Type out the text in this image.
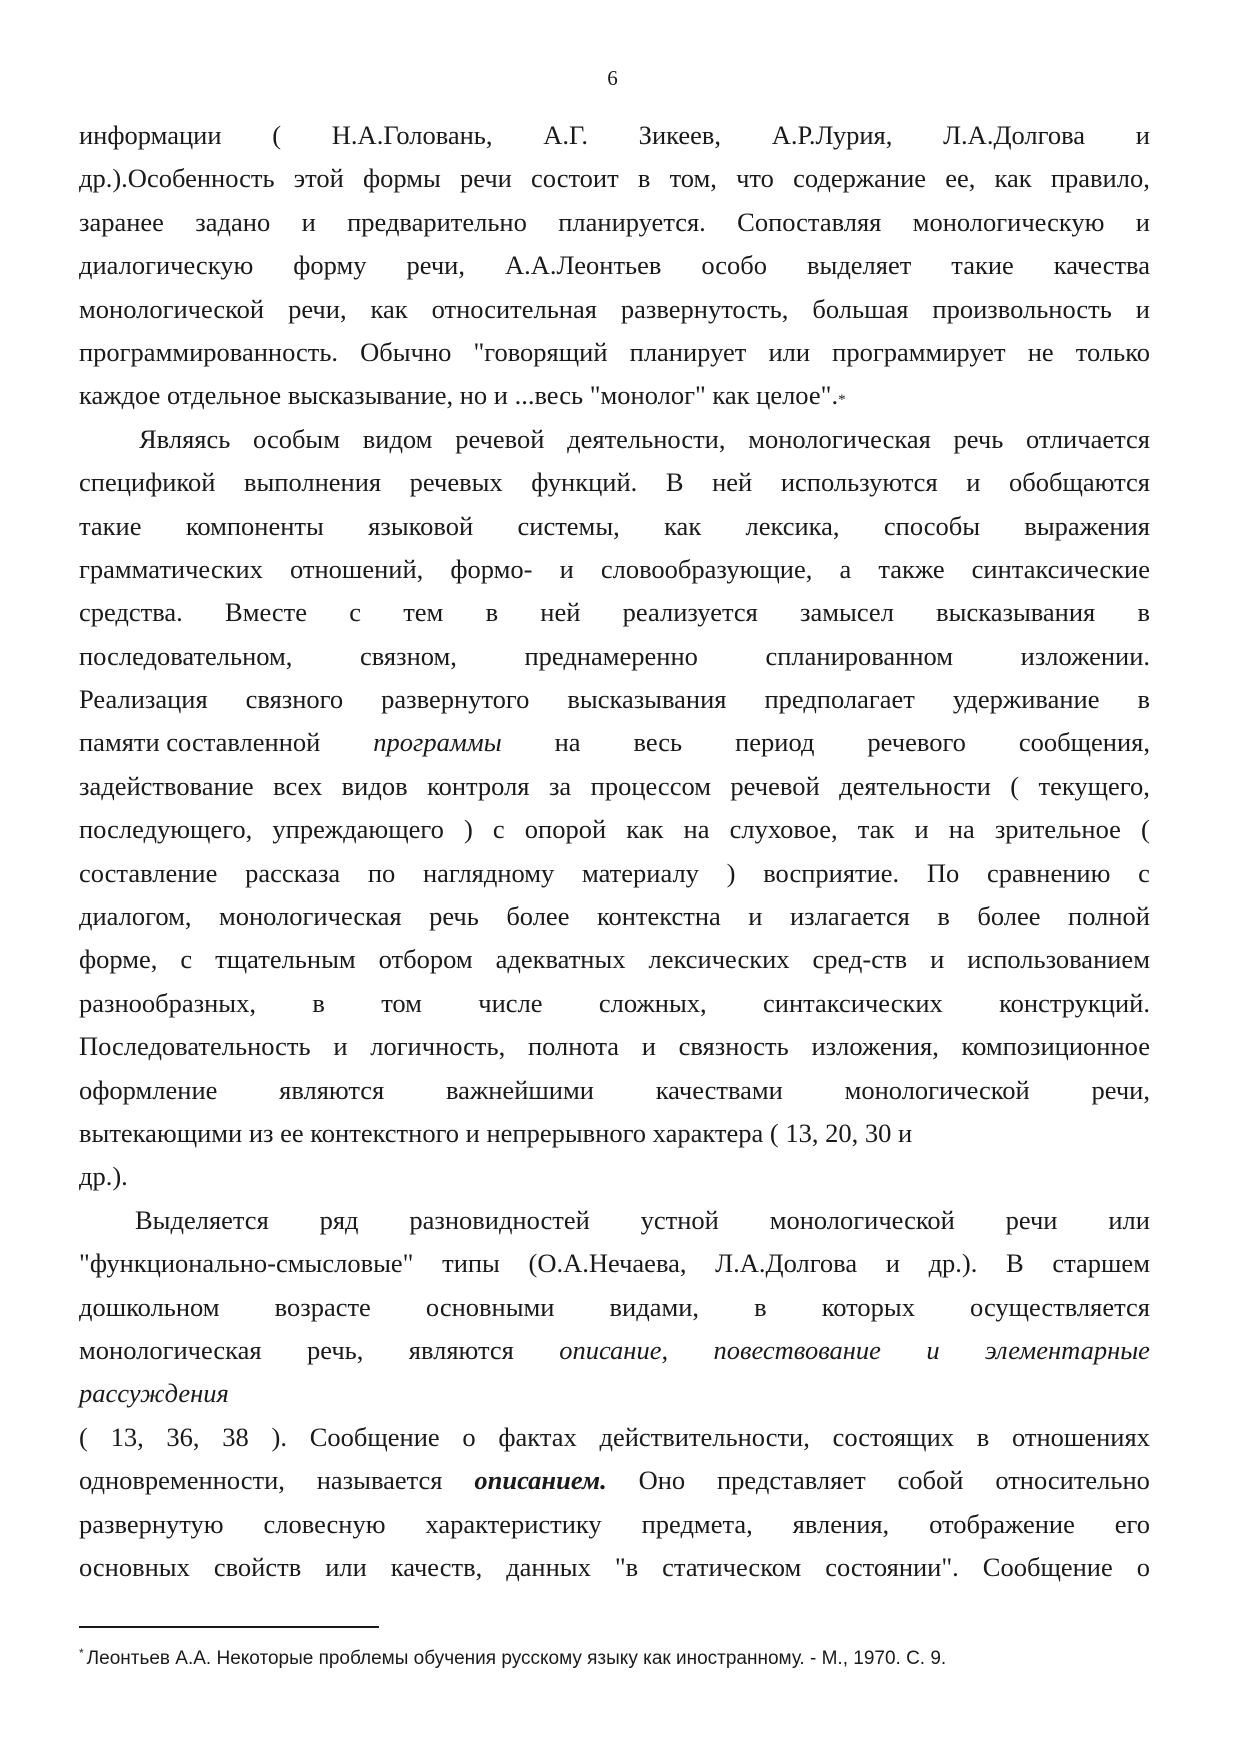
6
информации ( Н.А.Головань, А.Г. Зикеев, А.Р.Лурия, Л.А.Долгова и
др.).Особенность этой формы речи состоит в том, что содержание ее, как правило,
заранее задано и предварительно планируется. Сопоставляя монологическую и
диалогическую форму речи, А.А.Леонтьев особо выделяет такие качества
монологической речи, как относительная развернутость, большая произвольность и
программированность. Обычно "говорящий планирует или программирует не только
каждое отдельное высказывание, но и ...весь "монолог" как целое". *
Являясь особым видом речевой деятельности, монологическая речь отличается
спецификой выполнения речевых функций. В ней используются и обобщаются
такие компоненты языковой системы, как лексика, способы выражения
грамматических отношений, формо- и словообразующие, а также синтаксические
средства. Вместе с тем в ней реализуется замысел высказывания в
последовательном,	связном,	преднамеренно	спланированном	изложении.
Реализация связного развернутого высказывания предполагает удерживание в
памяти составленной программы на весь период речевого сообщения,
задействование всех видов контроля за процессом речевой деятельности ( текущего,
последующего, упреждающего ) с опорой как на слуховое, так и на зрительное (
составление рассказа по наглядному материалу ) восприятие. По сравнению с
диалогом, монологическая речь более контекстна и излагается в более полной
форме, с тщательным отбором адекватных лексических сред-ств и использованием
разнообразных, в том числе сложных, синтаксических конструкций.
Последовательность и логичность, полнота и связность изложения, композиционное
оформление являются важнейшими качествами монологической речи,
вытекающими из ее контекстного и непрерывного характера ( 13, 20, 30 и
др.).
Выделяется ряд разновидностей устной монологической речи или
"функционально-смысловые" типы (О.А.Нечаева, Л.А.Долгова и др.). В старшем
дошкольном возрасте основными видами, в которых осуществляется
монологическая речь, являются описание, повествование и элементарные
рассуждения
( 13, 36, 38 ). Сообщение о фактах действительности, состоящих в отношениях
одновременности, называется описанием. Оно представляет собой относительно
развернутую словесную характеристику предмета, явления, отображение его
основных свойств или качеств, данных "в статическом состоянии". Сообщение о
* Леонтьев А.А. Некоторые проблемы обучения русскому языку как иностранному. - М., 1970. С. 9.
